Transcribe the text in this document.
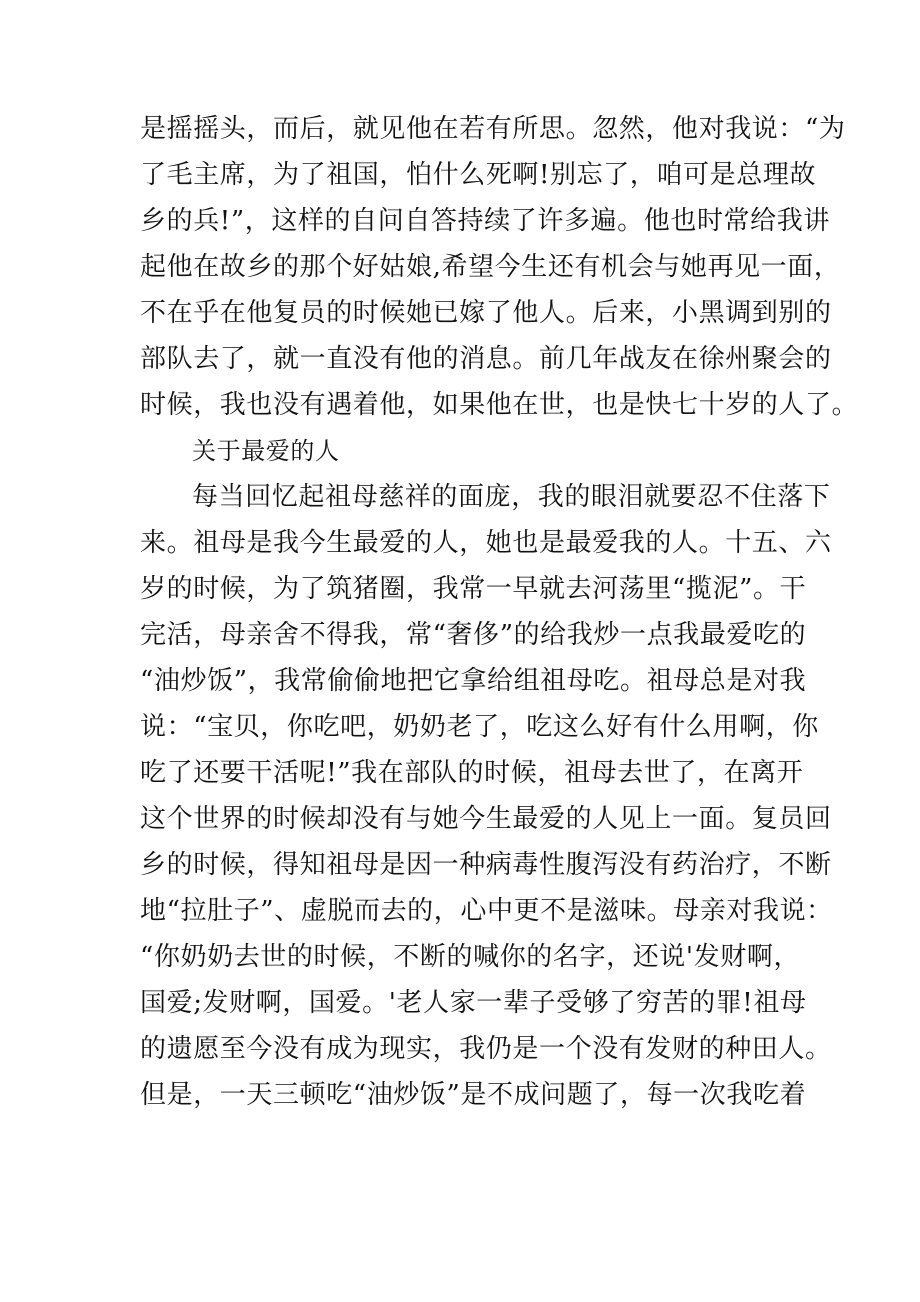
是摇摇头，而后，就见他在若有所思。忽然，他对我说：“为
了毛主席，为了祖国，怕什么死啊!别忘了，咱可是总理故
乡的兵!”，这样的自问自答持续了许多遍。他也时常给我讲
起他在故乡的那个好姑娘,希望今生还有机会与她再见一面，
不在乎在他复员的时候她已嫁了他人。后来，小黑调到别的
部队去了，就一直没有他的消息。前几年战友在徐州聚会的
时候，我也没有遇着他，如果他在世，也是快七十岁的人了。
关于最爱的人
每当回忆起祖母慈祥的面庞，我的眼泪就要忍不住落下
来。祖母是我今生最爱的人，她也是最爱我的人。十五、六
岁的时候，为了筑猪圈，我常一早就去河荡里“揽泥”。干
完活，母亲舍不得我，常“奢侈”的给我炒一点我最爱吃的
“油炒饭”，我常偷偷地把它拿给组祖母吃。祖母总是对我
说：“宝贝，你吃吧，奶奶老了，吃这么好有什么用啊，你
吃了还要干活呢!”我在部队的时候，祖母去世了，在离开
这个世界的时候却没有与她今生最爱的人见上一面。复员回
乡的时候，得知祖母是因一种病毒性腹泻没有药治疗，不断
地“拉肚子”、虚脱而去的，心中更不是滋味。母亲对我说：
“你奶奶去世的时候，不断的喊你的名字，还说'发财啊，
国爱;发财啊，国爱。'老人家一辈子受够了穷苦的罪!祖母
的遗愿至今没有成为现实，我仍是一个没有发财的种田人。
但是，一天三顿吃“油炒饭”是不成问题了，每一次我吃着
